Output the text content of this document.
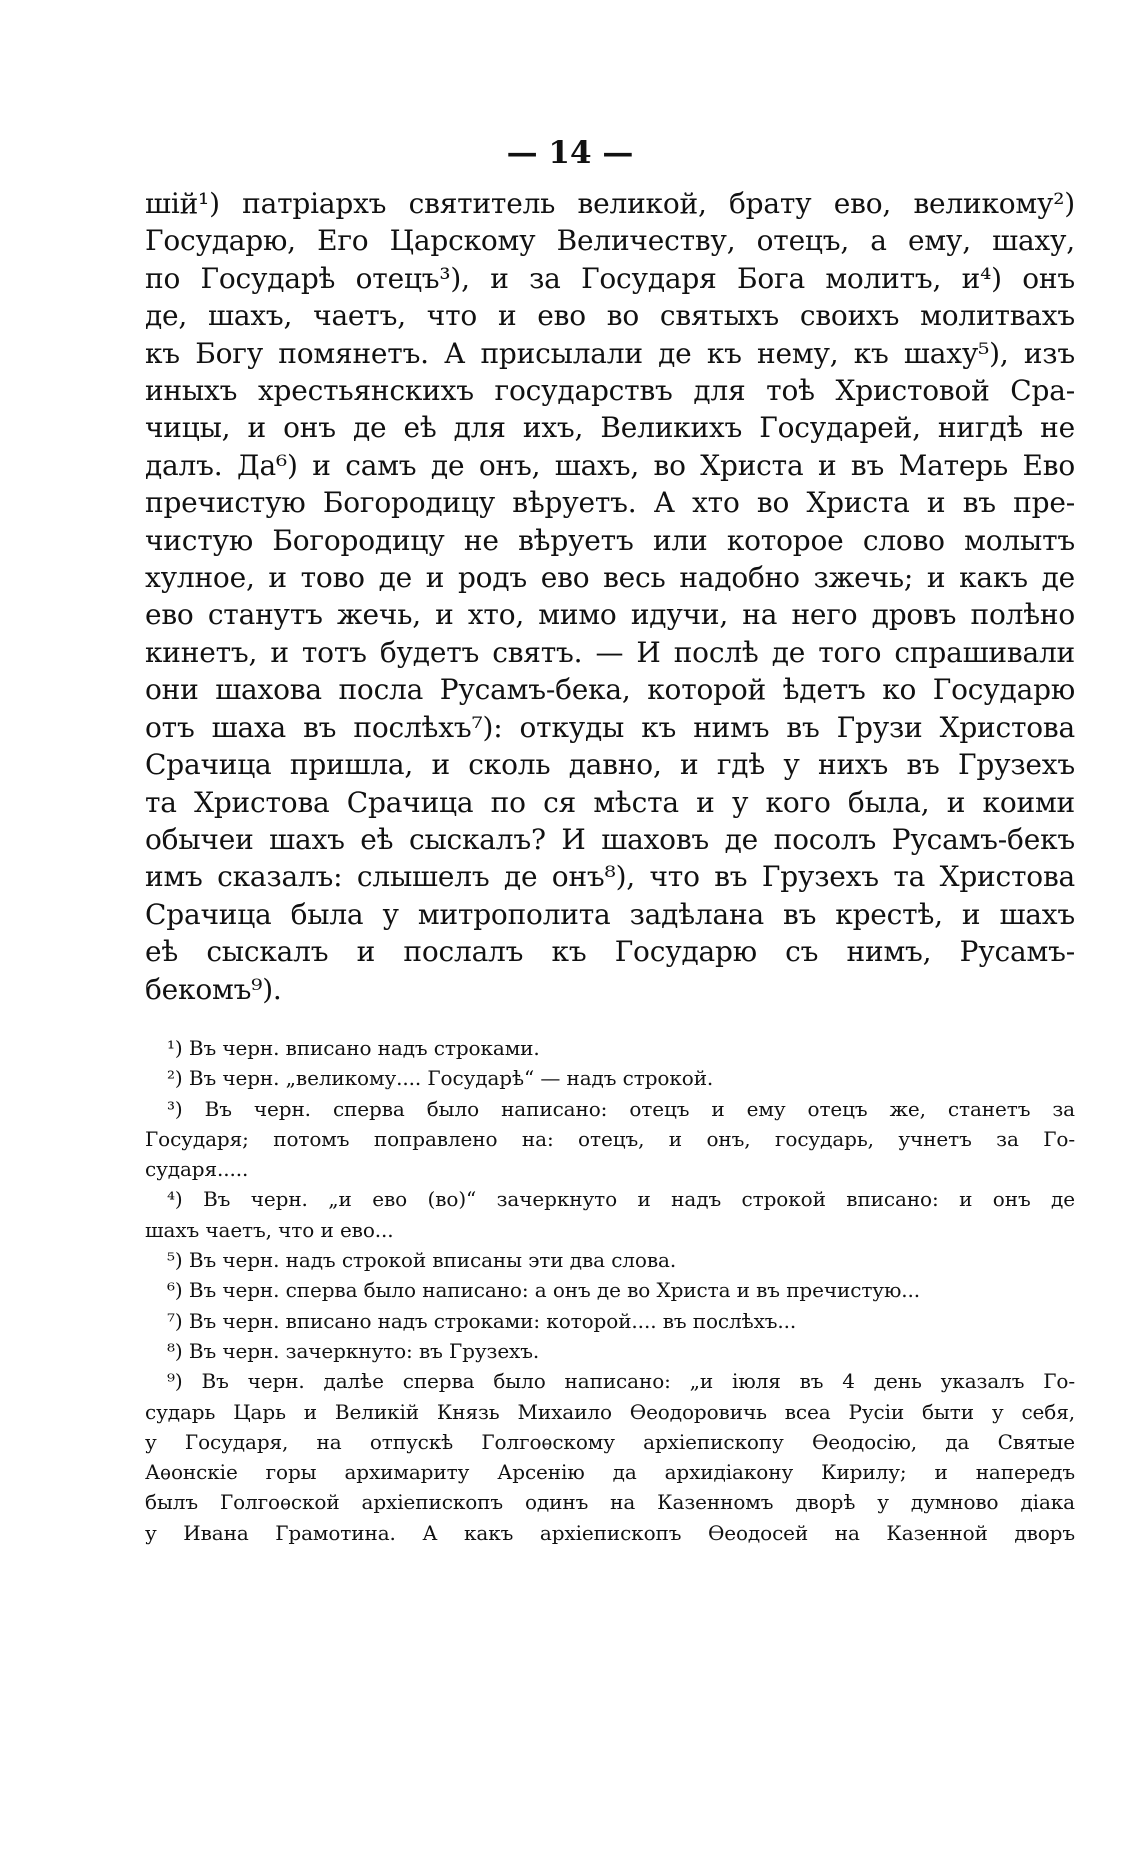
— 14 —
шій¹) патріархъ святитель великой, брату ево, великому²)
Государю, Его Царскому Величеству, отецъ, а ему, шаху,
по Государѣ отецъ³), и за Государя Бога молитъ, и⁴) онъ
де, шахъ, чаетъ, что и ево во святыхъ своихъ молитвахъ
къ Богу помянетъ. А присылали де къ нему, къ шаху⁵), изъ
иныхъ хрестьянскихъ государствъ для тоѣ Христовой Сра-
чицы, и онъ де еѣ для ихъ, Великихъ Государей, нигдѣ не
далъ. Да⁶) и самъ де онъ, шахъ, во Христа и въ Матерь Ево
пречистую Богородицу вѣруетъ. А хто во Христа и въ пре-
чистую Богородицу не вѣруетъ или которое слово молытъ
хулное, и тово де и родъ ево весь надобно зжечь; и какъ де
ево станутъ жечь, и хто, мимо идучи, на него дровъ полѣно
кинетъ, и тотъ будетъ святъ. — И послѣ де того спрашивали
они шахова посла Русамъ-бека, которой ѣдетъ ко Государю
отъ шаха въ послѣхъ⁷): откуды къ нимъ въ Грузи Христова
Срачица пришла, и сколь давно, и гдѣ у нихъ въ Грузехъ
та Христова Срачица по ся мѣста и у кого была, и коими
обычеи шахъ еѣ сыскалъ? И шаховъ де посолъ Русамъ-бекъ
имъ сказалъ: слышелъ де онъ⁸), что въ Грузехъ та Христова
Срачица была у митрополита задѣлана въ крестѣ, и шахъ
еѣ сыскалъ и послалъ къ Государю съ нимъ, Русамъ-
бекомъ⁹).
¹) Въ черн. вписано надъ строками.
²) Въ черн. „великому.... Государѣ“ — надъ строкой.
³) Въ черн. сперва было написано: отецъ и ему отецъ же, станетъ за
Государя; потомъ поправлено на: отецъ, и онъ, государь, учнетъ за Го-
сударя.....
⁴) Въ черн. „и ево (во)“ зачеркнуто и надъ строкой вписано: и онъ де
шахъ чаетъ, что и ево...
⁵) Въ черн. надъ строкой вписаны эти два слова.
⁶) Въ черн. сперва было написано: а онъ де во Христа и въ пречистую...
⁷) Въ черн. вписано надъ строками: которой.... въ послѣхъ...
⁸) Въ черн. зачеркнуто: въ Грузехъ.
⁹) Въ черн. далѣе сперва было написано: „и іюля въ 4 день указалъ Го-
сударь Царь и Великій Князь Михаило Ѳеодоровичь всеа Русіи быти у себя,
у Государя, на отпускѣ Голгоѳскому архіепископу Ѳеодосію, да Святые
Аѳонскіе горы архимариту Арсенію да архидіакону Кирилу; и напередъ
былъ Голгоѳской архіепископъ одинъ на Казенномъ дворѣ у думново діака
у Ивана Грамотина. А какъ архіепископъ Ѳеодосей на Казенной дворъ
